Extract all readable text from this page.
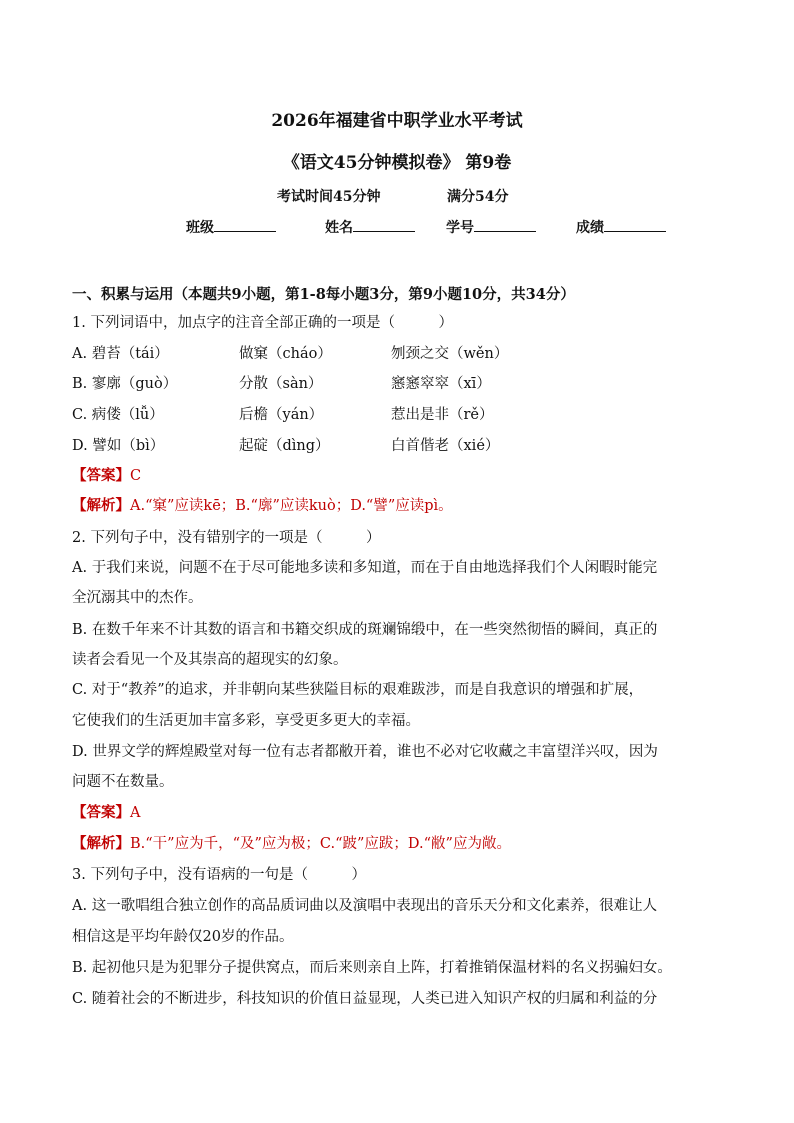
2026年福建省中职学业水平考试
《语文45分钟模拟卷》 第9卷
考试时间45分钟	满分54分
班级	姓名	学号	成绩
一、积累与运用（本题共9小题，第1-8每小题3分，第9小题10分，共34分）
1. 下列词语中，加点字的注音全部正确的一项是（　　　）
A. 碧苔（tái）	做窠（cháo）	刎颈之交（wěn）
B. 寥廓（guò）	分散（sàn）	窸窸窣窣（xī）
C. 病偻（lǚ）	后檐（yán）	惹出是非（rě）
D. 譬如（bì）	起碇（dìng）	白首偕老（xié）
【答案】C
【解析】A.“窠”应读kē；B.“廓”应读kuò；D.“譬”应读pì。
2. 下列句子中，没有错别字的一项是（　　　）
A. 于我们来说，问题不在于尽可能地多读和多知道，而在于自由地选择我们个人闲暇时能完
全沉溺其中的杰作。
B. 在数千年来不计其数的语言和书籍交织成的斑斓锦缎中，在一些突然彻悟的瞬间，真正的
读者会看见一个及其崇高的超现实的幻象。
C. 对于“教养”的追求，并非朝向某些狭隘目标的艰难跋涉，而是自我意识的增强和扩展，
它使我们的生活更加丰富多彩，享受更多更大的幸福。
D. 世界文学的辉煌殿堂对每一位有志者都敝开着，谁也不必对它收藏之丰富望洋兴叹，因为
问题不在数量。
【答案】A
【解析】B.“干”应为千，“及”应为极；C.“跛”应跋；D.“敝”应为敞。
3. 下列句子中，没有语病的一句是（　　　）
A. 这一歌唱组合独立创作的高品质词曲以及演唱中表现出的音乐天分和文化素养，很难让人
相信这是平均年龄仅20岁的作品。
B. 起初他只是为犯罪分子提供窝点，而后来则亲自上阵，打着推销保温材料的名义拐骗妇女。
C. 随着社会的不断进步，科技知识的价值日益显现，人类已进入知识产权的归属和利益的分
